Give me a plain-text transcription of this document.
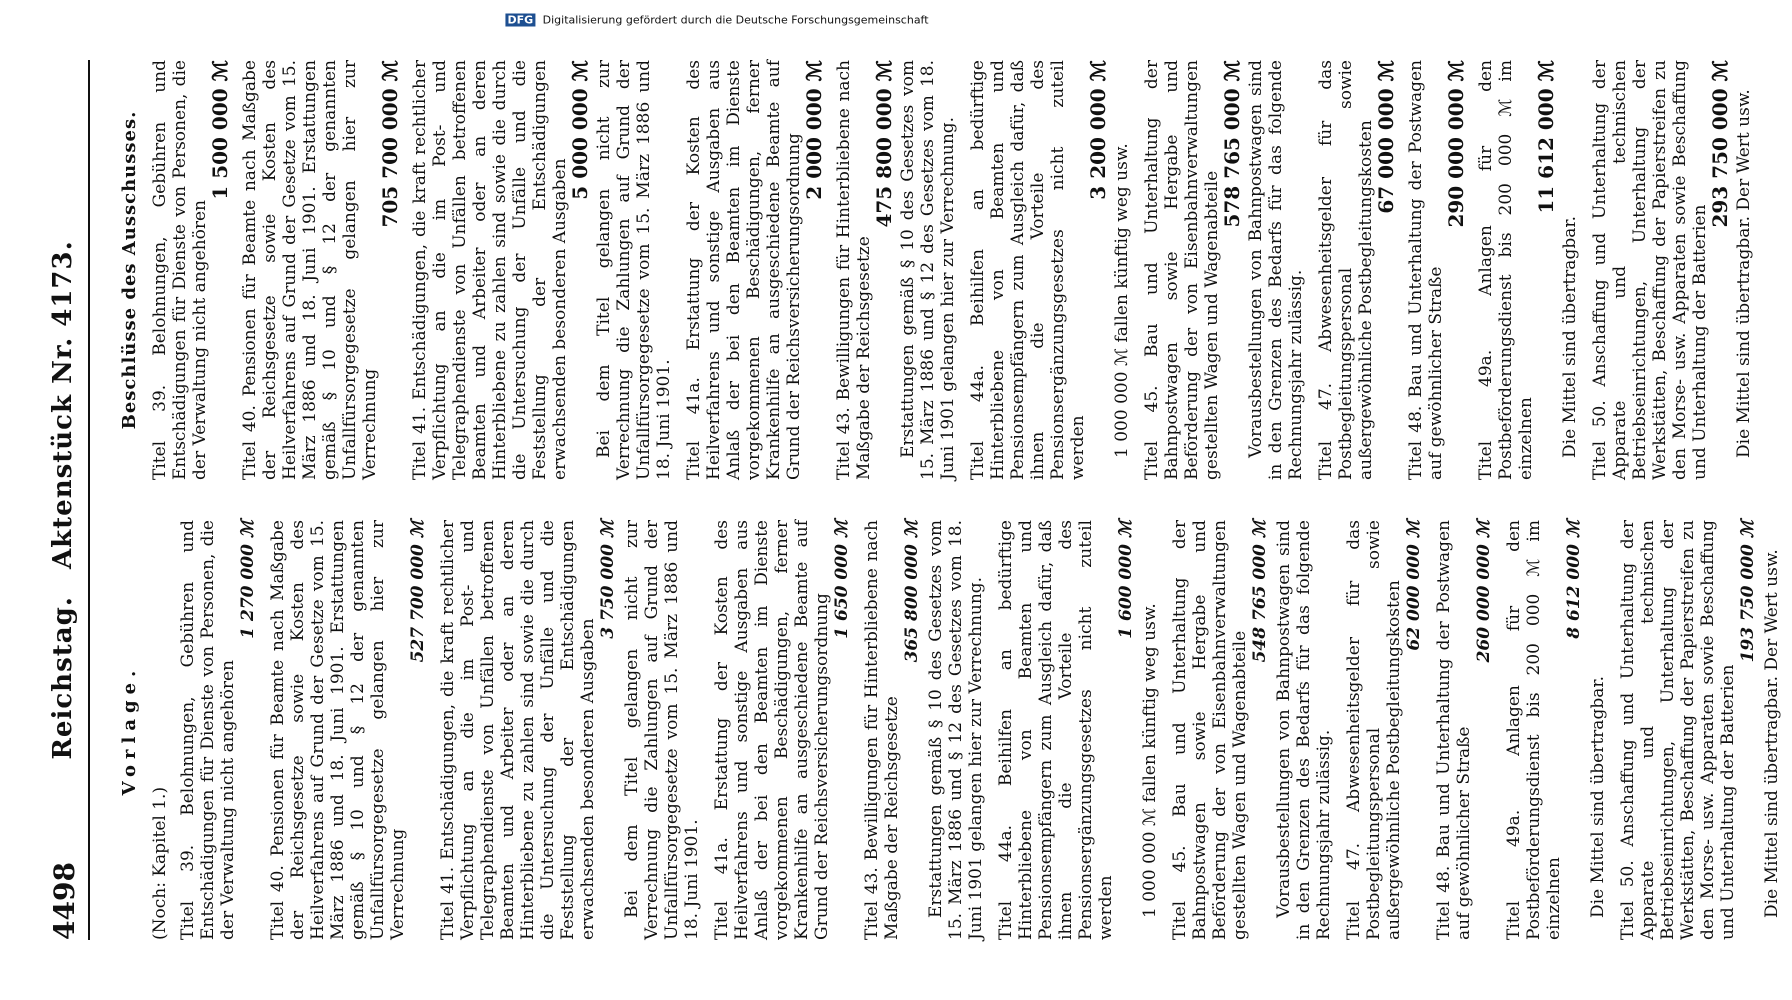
4498
Reichstag.   Aktenstück Nr. 4173.
Vorlage.
(Noch: Kapitel 1.) Titel 39. Belohnungen, Gebühren und Entschädigungen für Dienste von Personen, die der Verwaltung nicht angehören
1 270 000 ℳ Titel 40. Pensionen für Beamte nach Maßgabe der Reichsgesetze sowie Kosten des Heilverfahrens auf Grund der Gesetze vom 15. März 1886 und 18. Juni 1901. Erstattungen gemäß § 10 und § 12 der genannten Unfallfürsorgegesetze gelangen hier zur Verrechnung
527 700 000 ℳ Titel 41. Entschädigungen, die kraft rechtlicher Verpflichtung an die im Post- und Telegraphendienste von Unfällen betroffenen Beamten und Arbeiter oder an deren Hinterbliebene zu zahlen sind sowie die durch die Untersuchung der Unfälle und die Feststellung der Entschädigungen erwachsenden besonderen Ausgaben
3 750 000 ℳ Bei dem Titel gelangen nicht zur Verrechnung die Zahlungen auf Grund der Unfallfürsorgegesetze vom 15. März 1886 und 18. Juni 1901. Titel 41a. Erstattung der Kosten des Heilverfahrens und sonstige Ausgaben aus Anlaß der bei den Beamten im Dienste vorgekommenen Beschädigungen, ferner Krankenhilfe an ausgeschiedene Beamte auf Grund der Reichsversicherungsordnung
1 650 000 ℳ Titel 43. Bewilligungen für Hinterbliebene nach Maßgabe der Reichsgesetze
365 800 000 ℳ Erstattungen gemäß § 10 des Gesetzes vom 15. März 1886 und § 12 des Gesetzes vom 18. Juni 1901 gelangen hier zur Verrechnung. Titel 44a. Beihilfen an bedürftige Hinterbliebene von Beamten und Pensionsempfängern zum Ausgleich dafür, daß ihnen die Vorteile des Pensionsergänzungsgesetzes nicht zuteil werden
1 600 000 ℳ
1 000 000 ℳ fallen künftig weg usw. Titel 45. Bau und Unterhaltung der Bahnpostwagen sowie Hergabe und Beförderung der von Eisenbahnverwaltungen gestellten Wagen und Wagenabteile
548 765 000 ℳ Vorausbestellungen von Bahnpostwagen sind in den Grenzen des Bedarfs für das folgende Rechnungsjahr zulässig. Titel 47. Abwesenheitsgelder für das Postbegleitungspersonal sowie außergewöhnliche Postbegleitungskosten 62 000 000 ℳ Titel 48. Bau und Unterhaltung der Postwagen auf gewöhnlicher Straße
260 000 000 ℳ Titel 49a. Anlagen für den Postbeförderungsdienst bis 200 000 ℳ im einzelnen
8 612 000 ℳ
Die Mittel sind übertragbar. Titel 50. Anschaffung und Unterhaltung der Apparate und technischen Betriebseinrichtungen, Unterhaltung der Werkstätten, Beschaffung der Papierstreifen zu den Morse- usw. Apparaten sowie Beschaffung und Unterhaltung der Batterien
193 750 000 ℳ Die Mittel sind übertragbar. Der Wert usw.
Beschlüsse des Ausschusses. Titel 39. Belohnungen, Gebühren und Entschädigungen für Dienste von Personen, die der Verwaltung nicht angehören
1 500 000 ℳ Titel 40. Pensionen für Beamte nach Maßgabe der Reichsgesetze sowie Kosten des Heilverfahrens auf Grund der Gesetze vom 15. März 1886 und 18. Juni 1901. Erstattungen gemäß § 10 und § 12 der genannten Unfallfürsorgegesetze gelangen hier zur Verrechnung
705 700 000 ℳ Titel 41. Entschädigungen, die kraft rechtlicher Verpflichtung an die im Post- und Telegraphendienste von Unfällen betroffenen Beamten und Arbeiter oder an deren Hinterbliebene zu zahlen sind sowie die durch die Untersuchung der Unfälle und die Feststellung der Entschädigungen erwachsenden besonderen Ausgaben
5 000 000 ℳ Bei dem Titel gelangen nicht zur Verrechnung die Zahlungen auf Grund der Unfallfürsorgegesetze vom 15. März 1886 und 18. Juni 1901. Titel 41a. Erstattung der Kosten des Heilverfahrens und sonstige Ausgaben aus Anlaß der bei den Beamten im Dienste vorgekommenen Beschädigungen, ferner Krankenhilfe an ausgeschiedene Beamte auf Grund der Reichsversicherungsordnung
2 000 000 ℳ Titel 43. Bewilligungen für Hinterbliebene nach Maßgabe der Reichsgesetze
475 800 000 ℳ Erstattungen gemäß § 10 des Gesetzes vom 15. März 1886 und § 12 des Gesetzes vom 18. Juni 1901 gelangen hier zur Verrechnung. Titel 44a. Beihilfen an bedürftige Hinterbliebene von Beamten und Pensionsempfängern zum Ausgleich dafür, daß ihnen die Vorteile des Pensionsergänzungsgesetzes nicht zuteil werden
3 200 000 ℳ
1 000 000 ℳ fallen künftig weg usw. Titel 45. Bau und Unterhaltung der Bahnpostwagen sowie Hergabe und Beförderung der von Eisenbahnverwaltungen gestellten Wagen und Wagenabteile
578 765 000 ℳ Vorausbestellungen von Bahnpostwagen sind in den Grenzen des Bedarfs für das folgende Rechnungsjahr zulässig. Titel 47. Abwesenheitsgelder für das Postbegleitungspersonal sowie außergewöhnliche Postbegleitungskosten
67 000 000 ℳ Titel 48. Bau und Unterhaltung der Postwagen auf gewöhnlicher Straße
290 000 000 ℳ Titel 49a. Anlagen für den Postbeförderungsdienst bis 200 000 ℳ im einzelnen
11 612 000 ℳ
Die Mittel sind übertragbar. Titel 50. Anschaffung und Unterhaltung der Apparate und technischen Betriebseinrichtungen, Unterhaltung der Werkstätten, Beschaffung der Papierstreifen zu den Morse- usw. Apparaten sowie Beschaffung und Unterhaltung der Batterien
293 750 000 ℳ Die Mittel sind übertragbar. Der Wert usw.
DFG Digitalisierung gefördert durch die Deutsche Forschungsgemeinschaft
